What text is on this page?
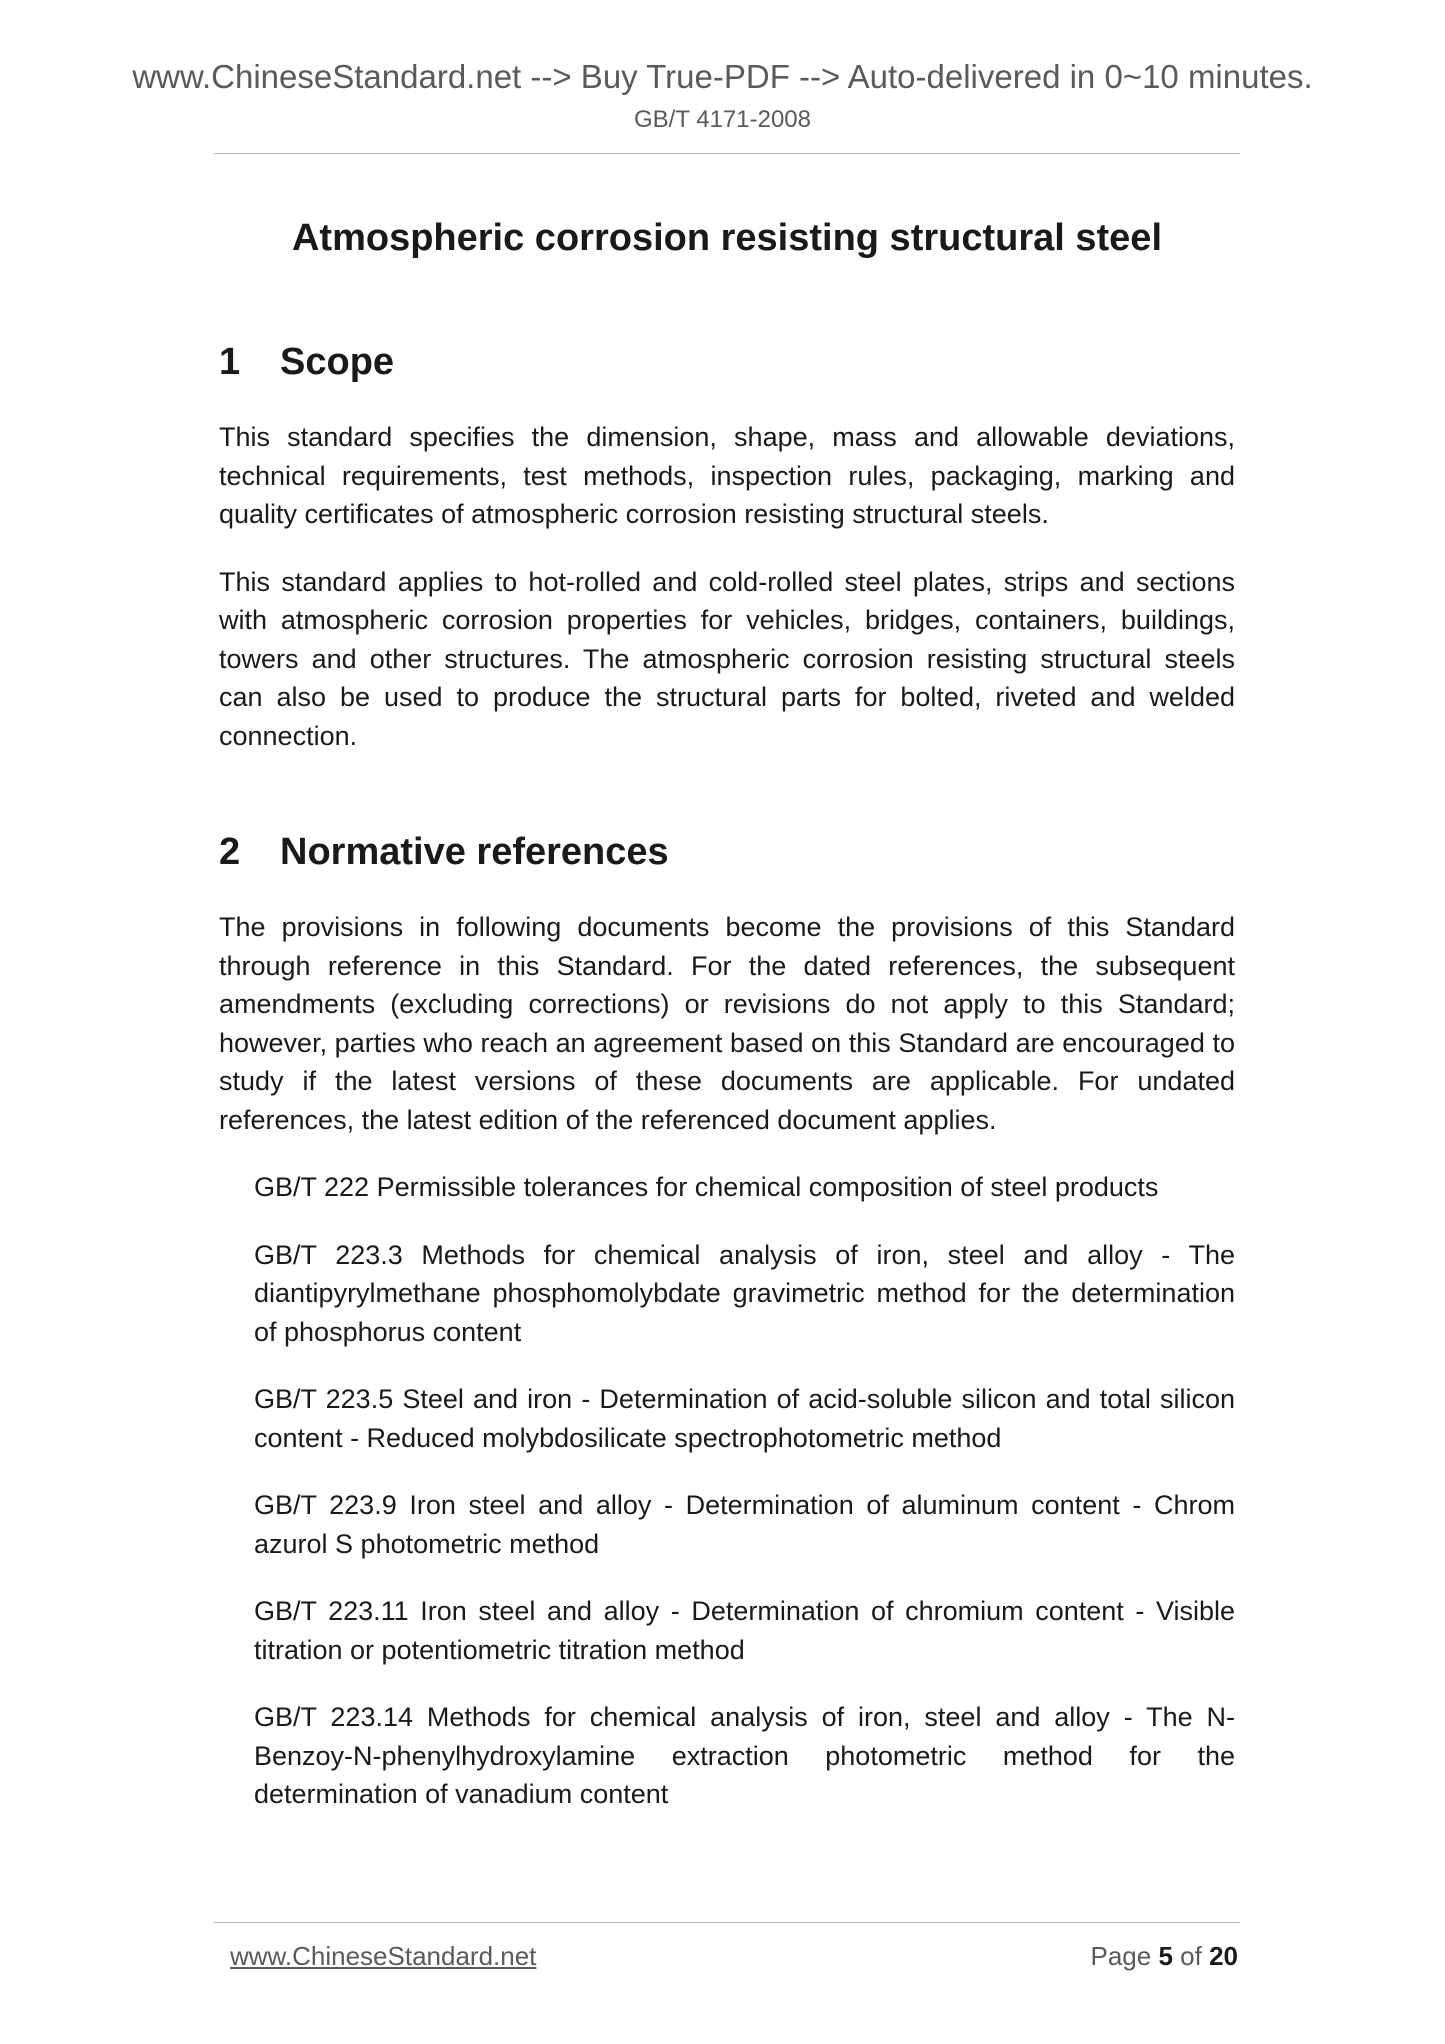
www.ChineseStandard.net --> Buy True-PDF --> Auto-delivered in 0~10 minutes.

GB/T 4171-2008

Atmospheric corrosion resisting structural steel
1	Scope

This standard specifies the dimension, shape, mass and allowable deviations, technical requirements, test methods, inspection rules, packaging, marking and quality certificates of atmospheric corrosion resisting structural steels.

This standard applies to hot-rolled and cold-rolled steel plates, strips and sections with atmospheric corrosion properties for vehicles, bridges, containers, buildings, towers and other structures. The atmospheric corrosion resisting structural steels can also be used to produce the structural parts for bolted, riveted and welded connection.

2	Normative references

The provisions in following documents become the provisions of this Standard through reference in this Standard. For the dated references, the subsequent amendments (excluding corrections) or revisions do not apply to this Standard; however, parties who reach an agreement based on this Standard are encouraged to study if the latest versions of these documents are applicable. For undated references, the latest edition of the referenced document applies.

GB/T 222 Permissible tolerances for chemical composition of steel products
GB/T 223.3 Methods for chemical analysis of iron, steel and alloy - The diantipyrylmethane phosphomolybdate gravimetric method for the determination of phosphorus content
GB/T 223.5 Steel and iron - Determination of acid-soluble silicon and total silicon content - Reduced molybdosilicate spectrophotometric method
GB/T 223.9 Iron steel and alloy - Determination of aluminum content - Chrom azurol S photometric method
GB/T 223.11 Iron steel and alloy - Determination of chromium content - Visible titration or potentiometric titration method
GB/T 223.14 Methods for chemical analysis of iron, steel and alloy - The N-Benzoy-N-phenylhydroxylamine extraction photometric method for the determination of vanadium content
www.ChineseStandard.net	Page 5 of 20
